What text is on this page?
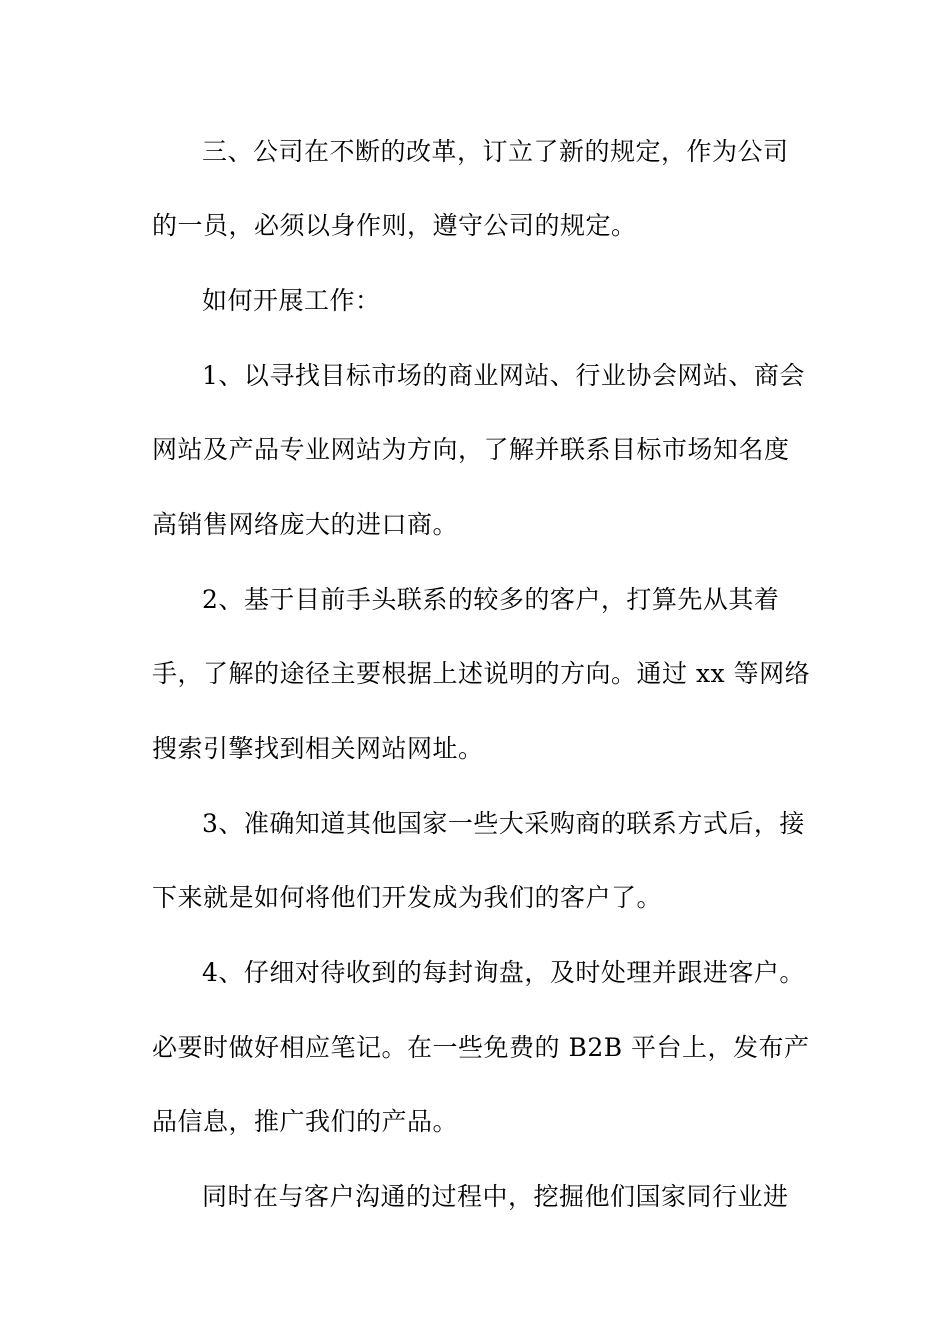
三、公司在不断的改革，订立了新的规定，作为公司
的一员，必须以身作则，遵守公司的规定。
如何开展工作：
1、以寻找目标市场的商业网站、行业协会网站、商会
网站及产品专业网站为方向，了解并联系目标市场知名度
高销售网络庞大的进口商。
2、基于目前手头联系的较多的客户，打算先从其着
手，了解的途径主要根据上述说明的方向。通过 xx 等网络
搜索引擎找到相关网站网址。
3、准确知道其他国家一些大采购商的联系方式后，接
下来就是如何将他们开发成为我们的客户了。
4、仔细对待收到的每封询盘，及时处理并跟进客户。
必要时做好相应笔记。在一些免费的 B2B 平台上，发布产
品信息，推广我们的产品。
同时在与客户沟通的过程中，挖掘他们国家同行业进
